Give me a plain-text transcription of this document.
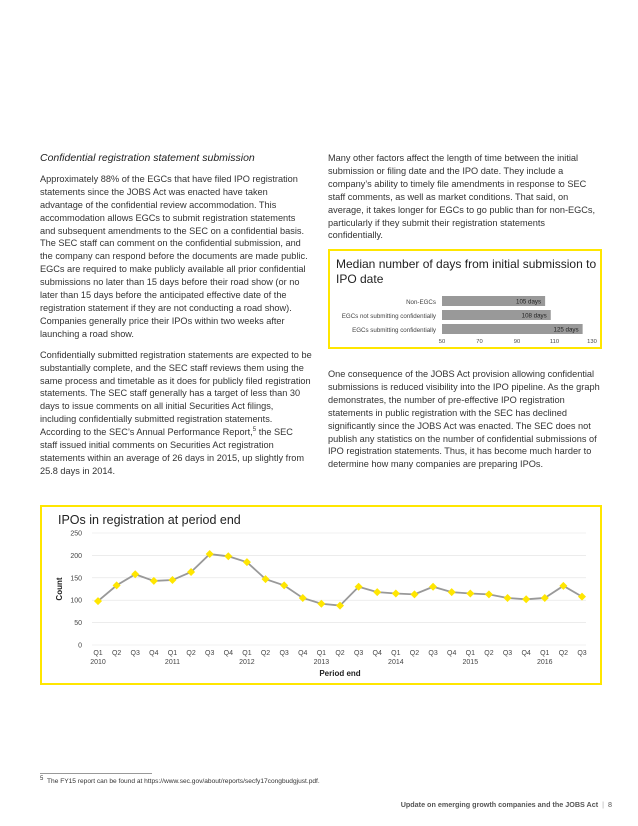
Confidential registration statement submission

Approximately 88% of the EGCs that have filed IPO registration statements since the JOBS Act was enacted have taken advantage of the confidential review accommodation. This accommodation allows EGCs to submit registration statements and subsequent amendments to the SEC on a confidential basis. The SEC staff can comment on the confidential submission, and the company can respond before the documents are made public. EGCs are required to make publicly available all prior confidential submissions no later than 15 days before their road show (or no later than 15 days before the anticipated effective date of the registration statement if they are not conducting a road show). Companies generally price their IPOs within two weeks after launching a road show.

Confidentially submitted registration statements are expected to be substantially complete, and the SEC staff reviews them using the same process and timetable as it does for publicly filed registration statements. The SEC staff generally has a target of less than 30 days to issue comments on all initial Securities Act filings, including confidentially submitted registration statements. According to the SEC’s Annual Performance Report,$^5$ the SEC staff issued initial comments on Securities Act registration statements within an average of 26 days in 2015, up slightly from 25.8 days in 2014.

Many other factors affect the length of time between the initial submission or filing date and the IPO date. They include a company’s ability to timely file amendments in response to SEC staff comments, as well as market conditions. That said, on average, it takes longer for EGCs to go public than for non-EGCs, particularly if they submit their registration statements confidentially.

One consequence of the JOBS Act provision allowing confidential submissions is reduced visibility into the IPO pipeline. As the graph demonstrates, the number of pre-effective IPO registration statements in public registration with the SEC has declined significantly since the JOBS Act was enacted. The SEC does not publish any statistics on the number of confidential submissions of IPO registration statements. Thus, it has become much harder to determine how many companies are preparing IPOs.

Median number of days from initial submission to IPO date
Non-EGCs	105 days
EGCs not submitting confidentially	108 days
EGCs submitting confidentially	125 days
50	70	90	110	130
IPOs in registration at period end
0
50
100
150
200
250
Count
Q1 Q2 Q3 Q4 Q1 Q2 Q3 Q4 Q1 Q2 Q3 Q4 Q1 Q2 Q3 Q4 Q1 Q2 Q3 Q4 Q1 Q2 Q3 Q4 Q1 Q2 Q3
2010	2011	2012	2013	2014	2015	2016
Period end
$^5$ The FY15 report can be found at https://www.sec.gov/about/reports/secfy17congbudgjust.pdf.
Update on emerging growth companies and the JOBS Act | 8
